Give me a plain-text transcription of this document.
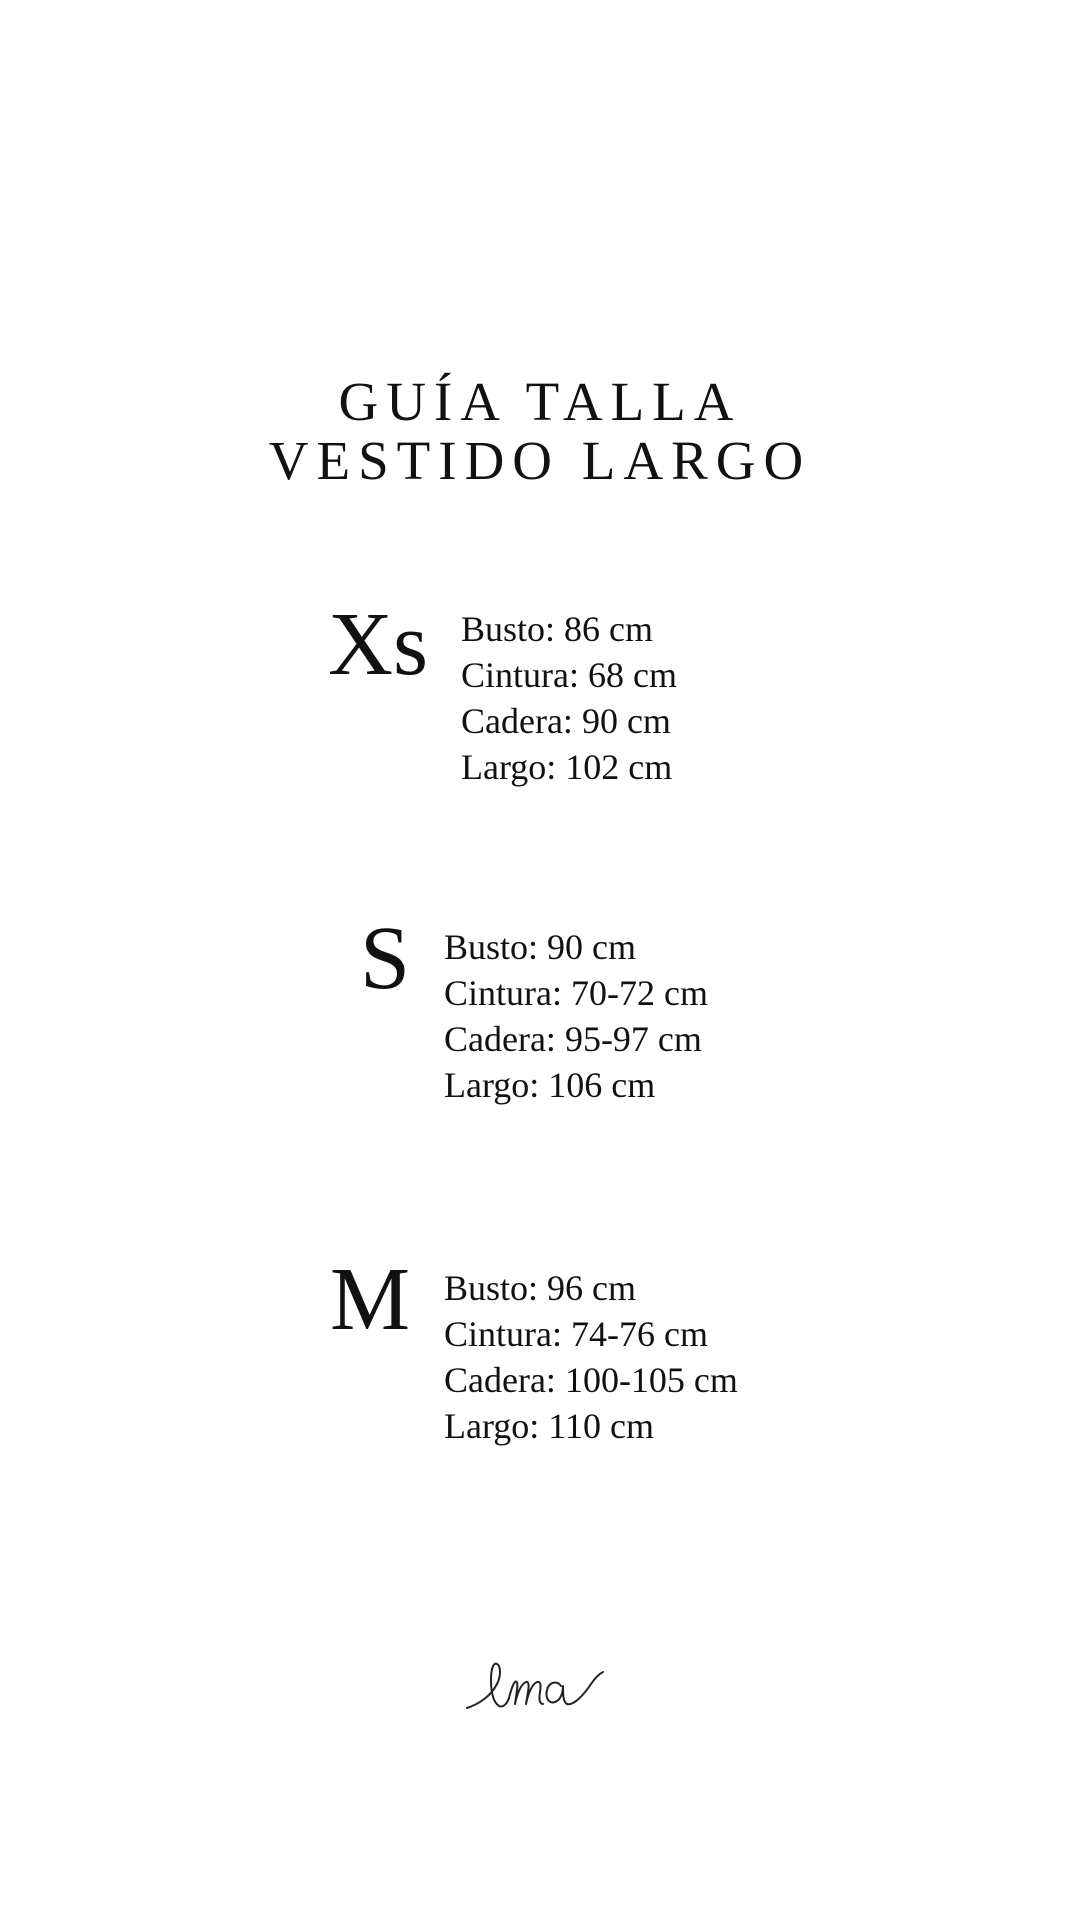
GUÍA TALLA
VESTIDO LARGO
Xs Busto: 86 cm
Cintura: 68 cm
Cadera: 90 cm
Largo: 102 cm
S Busto: 90 cm
Cintura: 70-72 cm
Cadera: 95-97 cm
Largo: 106 cm
M Busto: 96 cm
Cintura: 74-76 cm
Cadera: 100-105 cm
Largo: 110 cm
